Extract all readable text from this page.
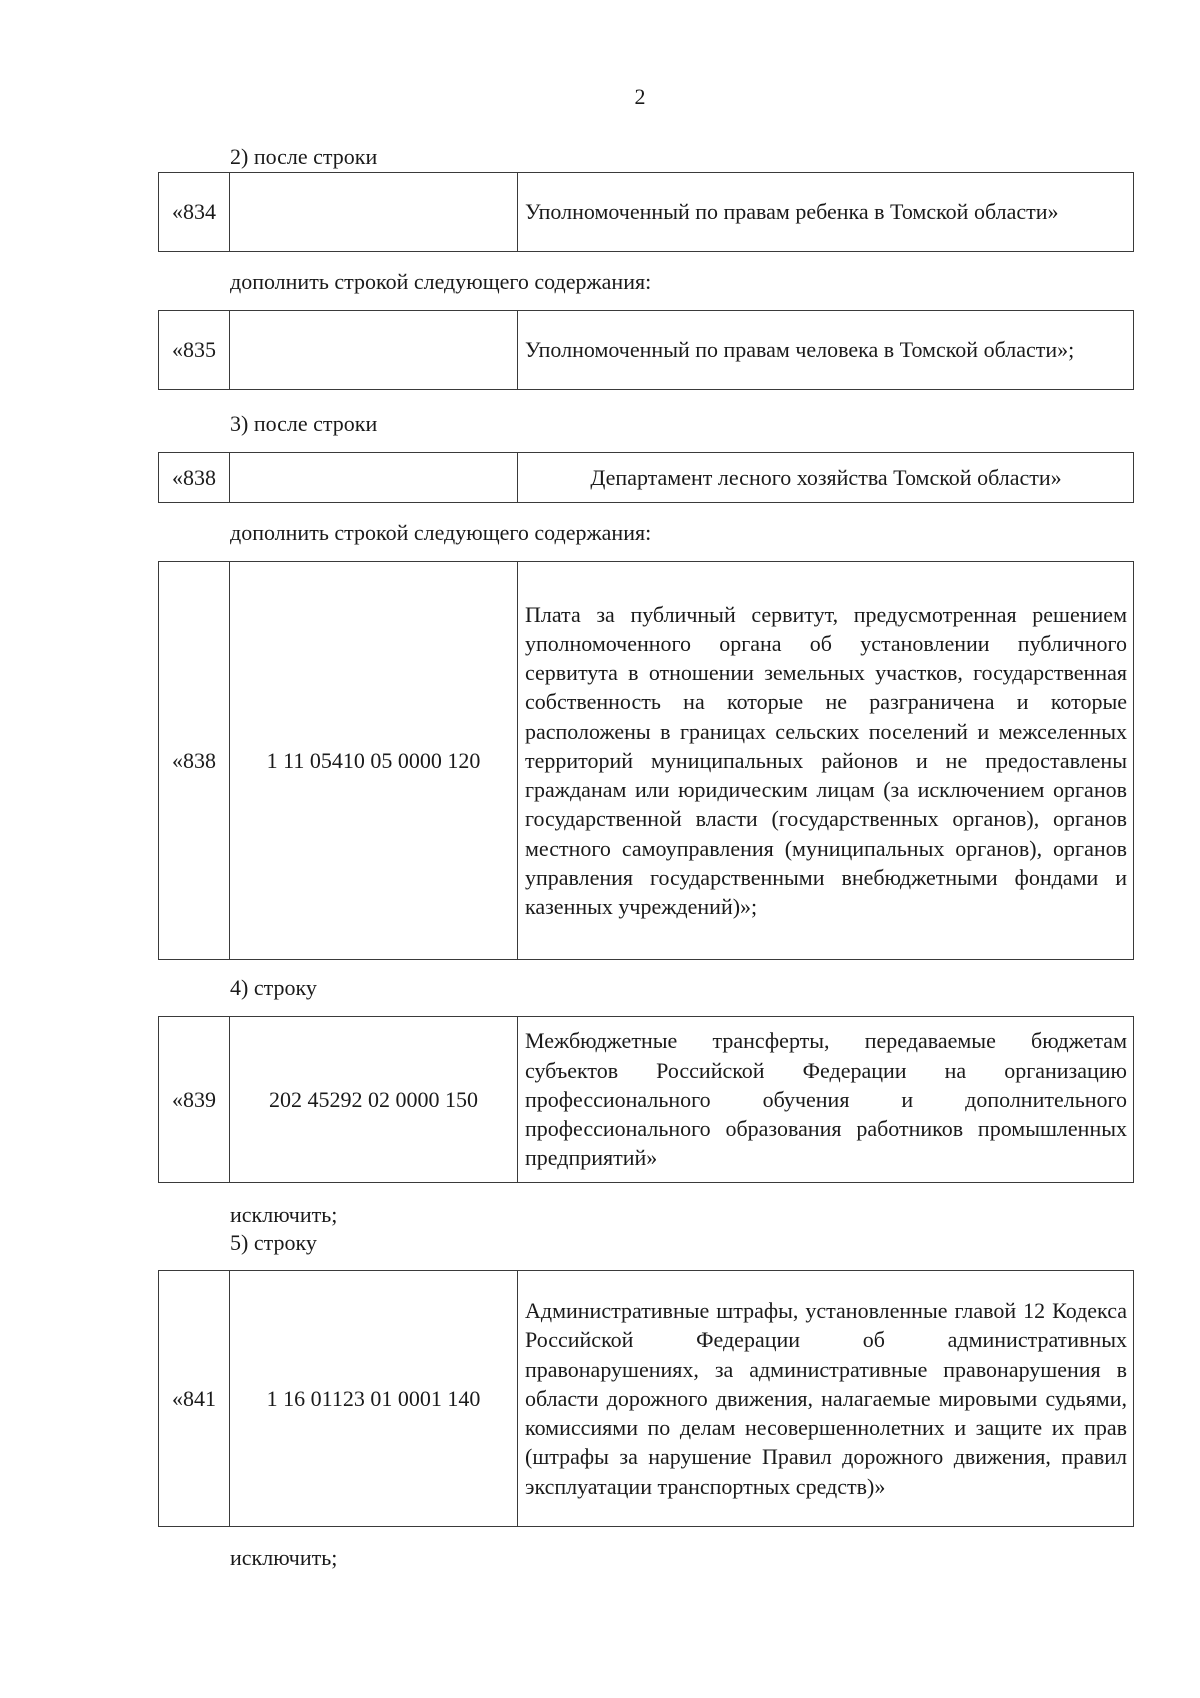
2
2) после строки
«834		Уполномоченный по правам ребенка в Томской области»
дополнить строкой следующего содержания:
«835		Уполномоченный по правам человека в Томской области»;
3) после строки
«838		Департамент лесного хозяйства Томской области»
дополнить строкой следующего содержания:
«838	1 11 05410 05 0000 120	Плата за публичный сервитут, предусмотренная решением уполномоченного органа об установлении публичного сервитута в отношении земельных участков, государственная собственность на которые не разграничена и которые расположены в границах сельских поселений и межселенных территорий муниципальных районов и не предоставлены гражданам или юридическим лицам (за исключением органов государственной власти (государственных органов), органов местного самоуправления (муниципальных органов), органов управления государственными внебюджетными фондами и казенных учреждений)»;
4) строку
«839	202 45292 02 0000 150	Межбюджетные трансферты, передаваемые бюджетам субъектов Российской Федерации на организацию профессионального обучения и дополнительного профессионального образования работников промышленных предприятий»
исключить;
5) строку
«841	1 16 01123 01 0001 140	Административные штрафы, установленные главой 12 Кодекса Российской Федерации об административных правонарушениях, за административные правонарушения в области дорожного движения, налагаемые мировыми судьями, комиссиями по делам несовершеннолетних и защите их прав (штрафы за нарушение Правил дорожного движения, правил эксплуатации транспортных средств)»
исключить;
